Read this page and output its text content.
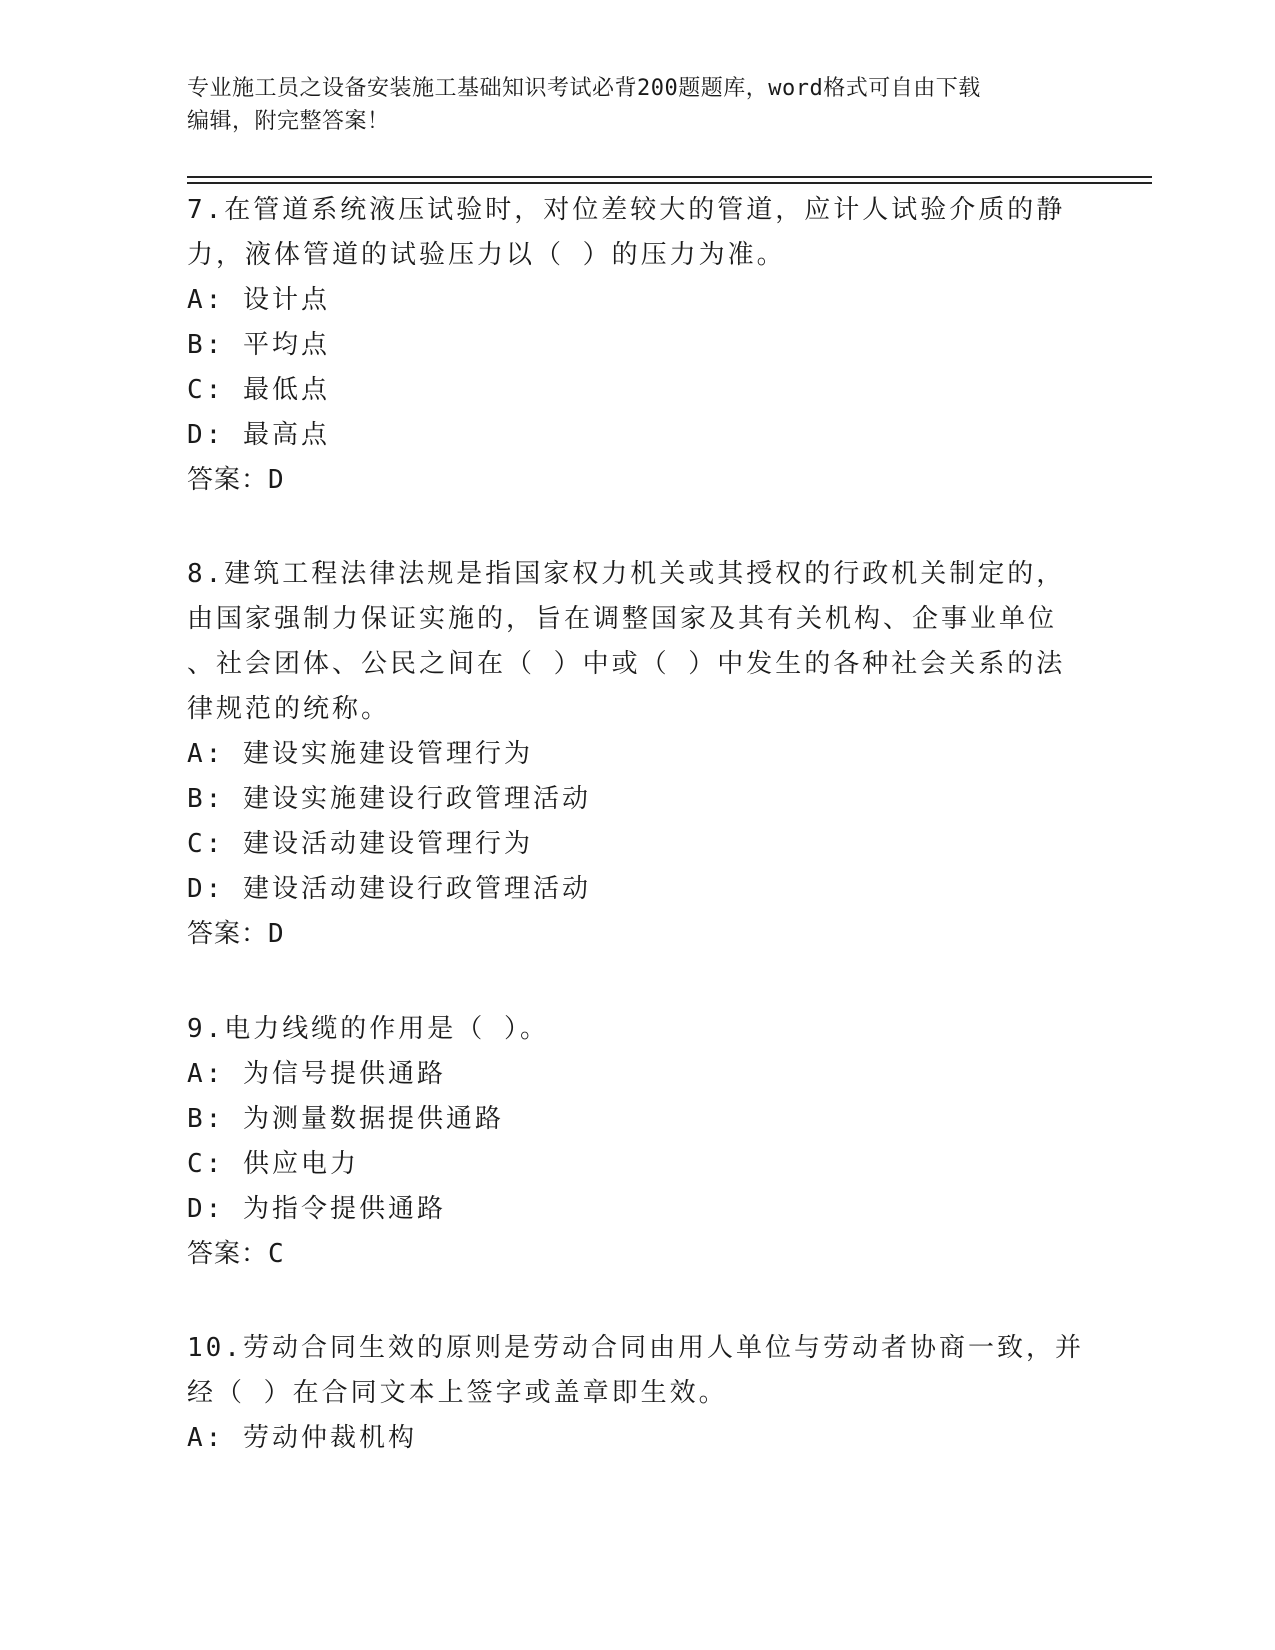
专业施工员之设备安装施工基础知识考试必背200题题库，word格式可自由下载
编辑，附完整答案！

7.在管道系统液压试验时，对位差较大的管道，应计人试验介质的静
力，液体管道的试验压力以（ ）的压力为准。

A: 设计点

B: 平均点

C: 最低点

D: 最高点

答案：D

8.建筑工程法律法规是指国家权力机关或其授权的行政机关制定的，
由国家强制力保证实施的，旨在调整国家及其有关机构、企事业单位
、社会团体、公民之间在（ ）中或（ ）中发生的各种社会关系的法
律规范的统称。

A: 建设实施建设管理行为

B: 建设实施建设行政管理活动

C: 建设活动建设管理行为

D: 建设活动建设行政管理活动

答案：D

9.电力线缆的作用是（ ）。

A: 为信号提供通路

B: 为测量数据提供通路

C: 供应电力

D: 为指令提供通路

答案：C

10.劳动合同生效的原则是劳动合同由用人单位与劳动者协商一致，并
经（ ）在合同文本上签字或盖章即生效。

A: 劳动仲裁机构
